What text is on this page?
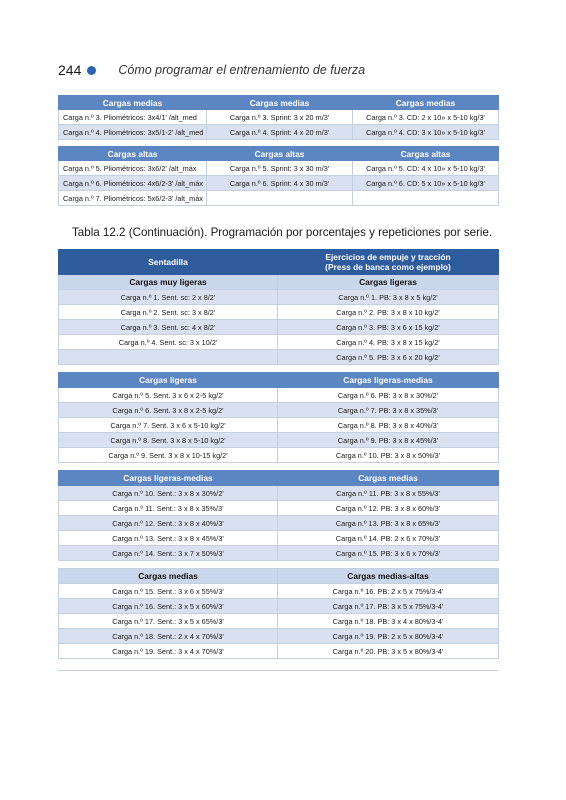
244	Cómo programar el entrenamiento de fuerza
Cargas medias	Cargas medias	Cargas medias
Carga n.º 3. Pliométricos: 3x4/1' /alt_med	Carga n.º 3. Sprint: 3 x 20 m/3'	Carga n.º 3. CD: 2 x 10» x 5-10 kg/3'
Carga n.º 4. Pliométricos: 3x5/1-2' /alt_med	Carga n.º 4. Sprint: 4 x 20 m/3'	Carga n.º 4. CD: 3 x 10» x 5-10 kg/3'

Cargas altas	Cargas altas	Cargas altas
Carga n.º 5. Pliométricos: 3x6/2' /alt_máx	Carga n.º 5. Sprint: 3 x 30 m/3'	Carga n.º 5. CD: 4 x 10» x 5-10 kg/3'
Carga n.º 6. Pliométricos: 4x6/2-3' /alt_máx	Carga n.º 6. Sprint: 4 x 30 m/3'	Carga n.º 6. CD: 5 x 10» x 5-10 kg/3'
Carga n.º 7. Pliométricos: 5x6/2-3' /alt_máx		
Tabla 12.2 (Continuación). Programación por porcentajes y repeticiones por serie.
Sentadilla	Ejercicios de empuje y tracción
(Press de banca como ejemplo)

Cargas muy ligeras	Cargas ligeras
Carga n.º 1. Sent. sc: 2 x 8/2'	Carga n.º 1. PB: 3 x 8 x 5 kg/2'
Carga n.º 2. Sent. sc: 3 x 8/2'	Carga n.º 2. PB: 3 x 8 x 10 kg/2'
Carga n.º 3. Sent. sc: 4 x 8/2'	Carga n.º 3. PB: 3 x 6 x 15 kg/2'
Carga n.º 4. Sent. sc: 3 x 10/2'	Carga n.º 4. PB: 3 x 8 x 15 kg/2'
	Carga n.º 5. PB: 3 x 6 x 20 kg/2'

Cargas ligeras	Cargas ligeras-medias
Carga n.º 5. Sent. 3 x 6 x 2-5 kg/2'	Carga n.º 6. PB: 3 x 8 x 30%/2'
Carga n.º 6. Sent. 3 x 8 x 2-5 kg/2'	Carga n.º 7. PB: 3 x 8 x 35%/3'
Carga n.º 7. Sent. 3 x 6 x 5-10 kg/2'	Carga n.º 8. PB: 3 x 8 x 40%/3'
Carga n.º 8. Sent. 3 x 8 x 5-10 kg/2'	Carga n.º 9. PB: 3 x 8 x 45%/3'
Carga n.º 9. Sent. 3 x 8 x 10-15 kg/2'	Carga n.º 10. PB: 3 x 8 x 50%/3'

Cargas ligeras-medias	Cargas medias
Carga n.º 10. Sent.: 3 x 8 x 30%/2'	Carga n.º 11. PB: 3 x 8 x 55%/3'
Carga n.º 11. Sent.: 3 x 8 x 35%/3'	Carga n.º 12. PB: 3 x 8 x 60%/3'
Carga n.º 12. Sent.: 3 x 8 x 40%/3'	Carga n.º 13. PB: 3 x 8 x 65%/3'
Carga n.º 13. Sent.: 3 x 8 x 45%/3'	Carga n.º 14. PB: 2 x 6 x 70%/3'
Carga n.º 14. Sent.: 3 x 7 x 50%/3'	Carga n.º 15. PB: 3 x 6 x 70%/3'

Cargas medias	Cargas medias-altas
Carga n.º 15. Sent.: 3 x 6 x 55%/3'	Carga n.º 16. PB: 2 x 5 x 75%/3-4'
Carga n.º 16. Sent.: 3 x 5 x 60%/3'	Carga n.º 17. PB: 3 x 5 x 75%/3-4'
Carga n.º 17. Sent.: 3 x 5 x 65%/3'	Carga n.º 18. PB: 3 x 4 x 80%/3-4'
Carga n.º 18. Sent.: 2 x 4 x 70%/3'	Carga n.º 19. PB: 2 x 5 x 80%/3-4'
Carga n.º 19. Sent.: 3 x 4 x 70%/3'	Carga n.º 20. PB: 3 x 5 x 80%/3-4'
